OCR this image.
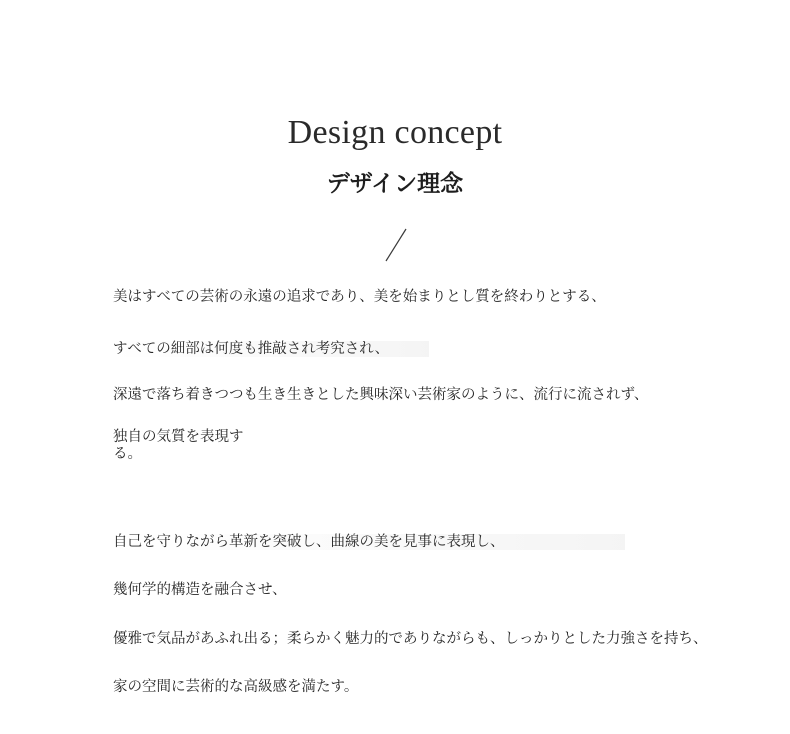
Design concept
デザイン理念
美はすべての芸術の永遠の追求であり、美を始まりとし質を終わりとする、
すべての細部は何度も推敲され考究され、
深遠で落ち着きつつも生き生きとした興味深い芸術家のように、流行に流されず、
独自の気質を表現する。
自己を守りながら革新を突破し、曲線の美を見事に表現し、
幾何学的構造を融合させ、
優雅で気品があふれ出る；柔らかく魅力的でありながらも、しっかりとした力強さを持ち、
家の空間に芸術的な高級感を満たす。
